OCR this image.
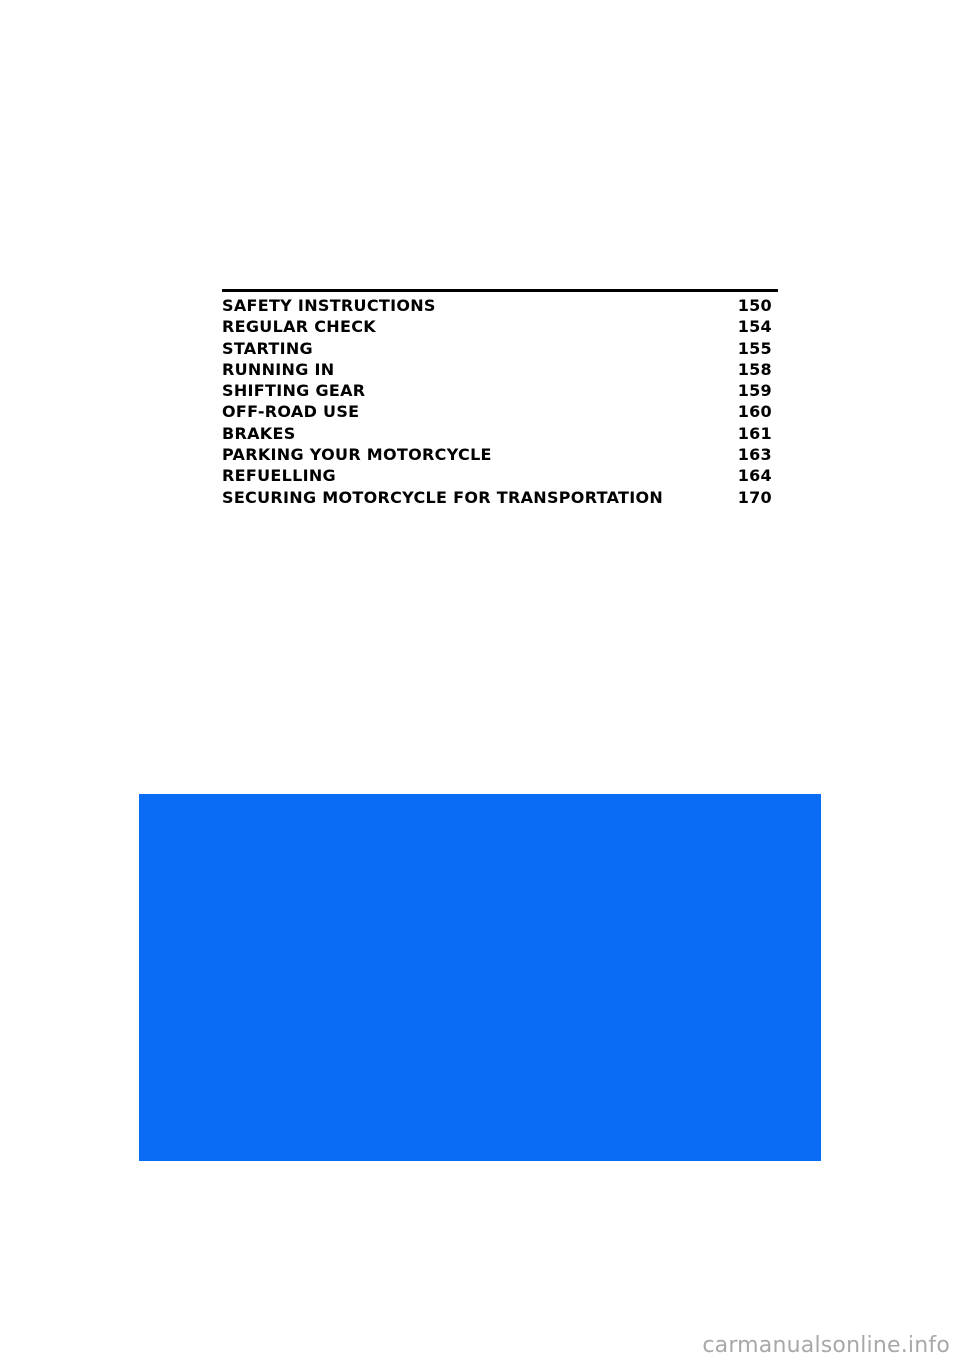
SAFETY INSTRUCTIONS	150
REGULAR CHECK	154
STARTING	155
RUNNING IN	158
SHIFTING GEAR	159
OFF-ROAD USE	160
BRAKES	161
PARKING YOUR MOTORCYCLE	163
REFUELLING	164
SECURING MOTORCYCLE FOR TRANSPORTATION	170
carmanualsonline.info
